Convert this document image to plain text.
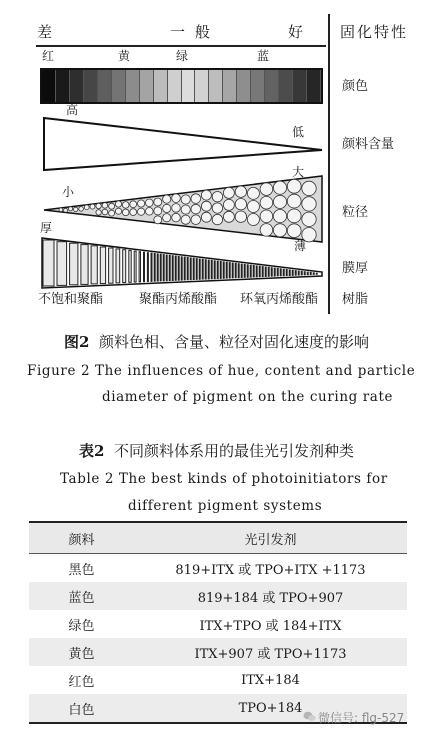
差	一般	好 固化特性
红	黄	绿	蓝
颜色
高
低
颜料含量
小
大
粒径
厚
薄
膜厚
不饱和聚酯	聚酯丙烯酸酯 环氧丙烯酸酯 树脂
图2 颜料色相、含量、粒径对固化速度的影响
Figure 2 The influences of hue, content and particle
diameter of pigment on the curing rate
表2 不同颜料体系用的最佳光引发剂种类
Table 2 The best kinds of photoinitiators for
different pigment systems
颜料	光引发剂
黑色	819+ITX 或 TPO+ITX +1173
蓝色	819+184 或 TPO+907
绿色	ITX+TPO 或 184+ITX
黄色	ITX+907 或 TPO+1173
红色	ITX+184
白色	TPO+184
微信号: flg-527
